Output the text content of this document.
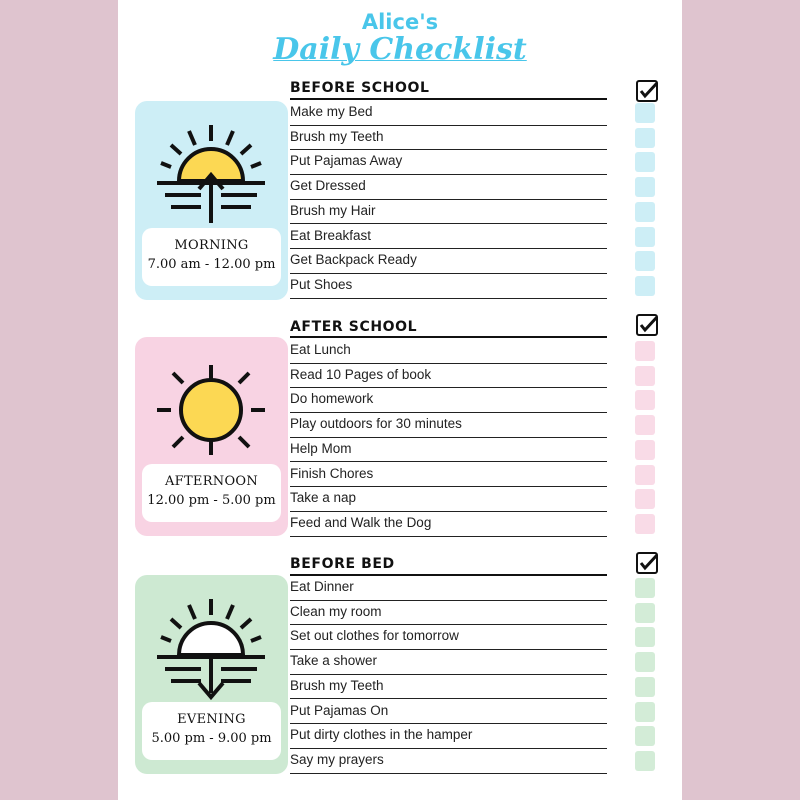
Alice's
Daily Checklist
MORNING
7.00 am - 12.00 pm
BEFORE SCHOOL
Make my Bed
Brush my Teeth
Put Pajamas Away
Get Dressed
Brush my Hair
Eat Breakfast
Get Backpack Ready
Put Shoes
AFTERNOON
12.00 pm - 5.00 pm
AFTER SCHOOL
Eat Lunch
Read 10 Pages of book
Do homework
Play outdoors for 30 minutes
Help Mom
Finish Chores
Take a nap
Feed and Walk the Dog
EVENING
5.00 pm - 9.00 pm
BEFORE BED
Eat Dinner
Clean my room
Set out clothes for tomorrow
Take a shower
Brush my Teeth
Put Pajamas On
Put dirty clothes in the hamper
Say my prayers
